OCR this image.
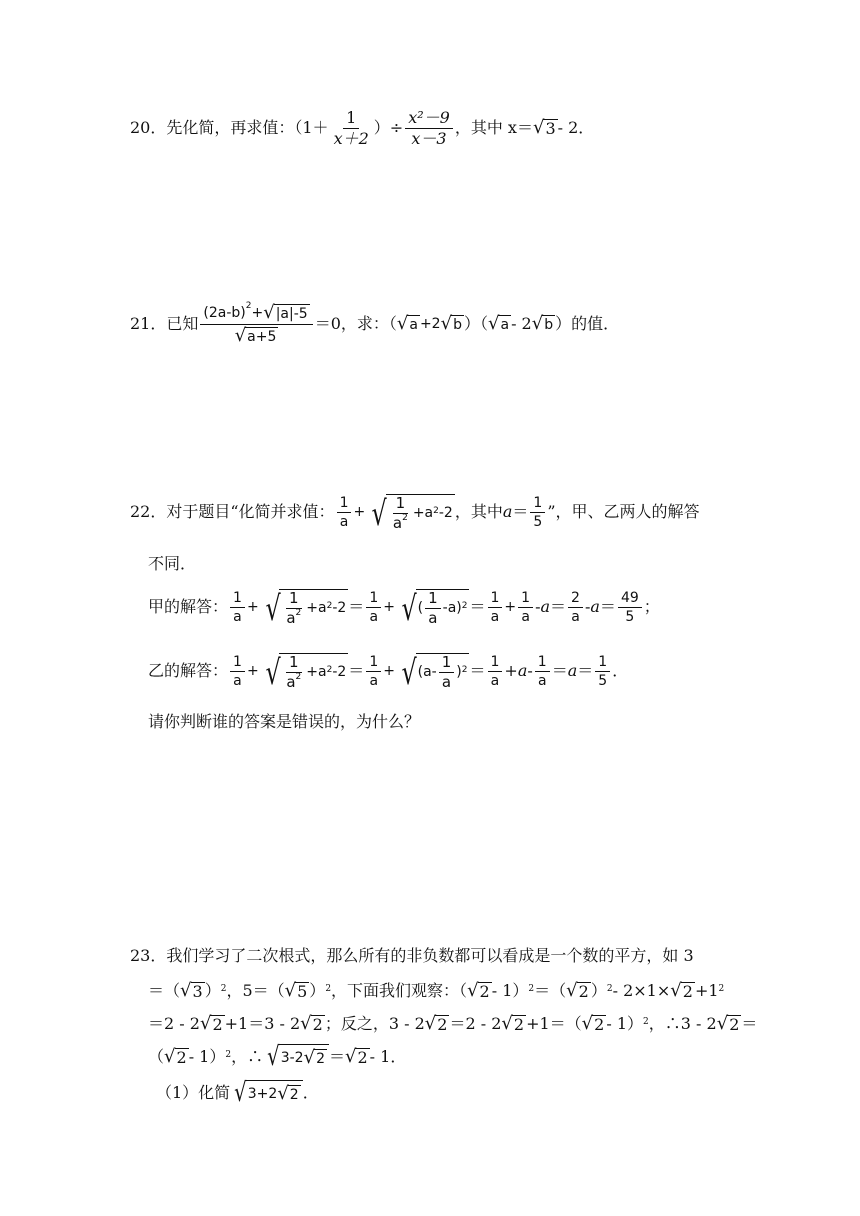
20． 先化简，再求值：（$1+ \frac{1}{x+2}$ ）÷ $\frac{\text{x²－9}}{x-3}$ ，其中 x＝ √ 3 - 2．
21． 已知 $\frac{(2a-b)^2+ √ |a|-5}{√ a+5} =0$，求：（ √ a +2 √ b ）（ √ a - 2 √ b ）的值．
22． 对于题目“化简并求值： $\frac{1}{a}$ + √ $\frac{1}{a^2} +a^2$ -2 ，其中 $a = \frac{1}{5}$ ”，甲、乙两人的解答
不同．
甲的解答： $\frac{1}{a}$ + √ $\frac{1}{a^2} +a^2$ $-2 = \frac{1}{a}$ + √ ( $\frac{1}{a} -a)^2 = \frac{1}{a} + \frac{1}{a} - a = \frac{2}{a} - a = \frac{49}{5}$ ；
乙的解答： $\frac{1}{a}$ + √ $\frac{1}{a^2} +a^2$ $-2 = \frac{1}{a}$ + √ $(a- \frac{1}{a} )^2 = \frac{1}{a} + a - \frac{1}{a} = a = \frac{1}{5}$ ．
请你判断谁的答案是错误的，为什么？
23． 我们学习了二次根式，那么所有的非负数都可以看成是一个数的平方，如 3
＝（ √ 3 ）$^2$ ，5＝（ √ 5 ）$^2$ ，下面我们观察：（ √ 2 - 1）$^2$ ＝（ √ 2 ）$^2$ - 2×1× √ $2 +1^2$
＝2 - 2 √ 2 +1＝3 - 2 √ 2 ；反之，3 - 2 √ 2 ＝2 - 2 √ 2 +1＝（ √ 2 - 1）$^2$ ，∴3 - 2 √ 2 ＝
（ √ 2 - 1）$^2$ ，∴ √ 3-2 √ 2 ＝ √ 2 - 1．
（1）化简 √ 3+2 √ 2 ．
